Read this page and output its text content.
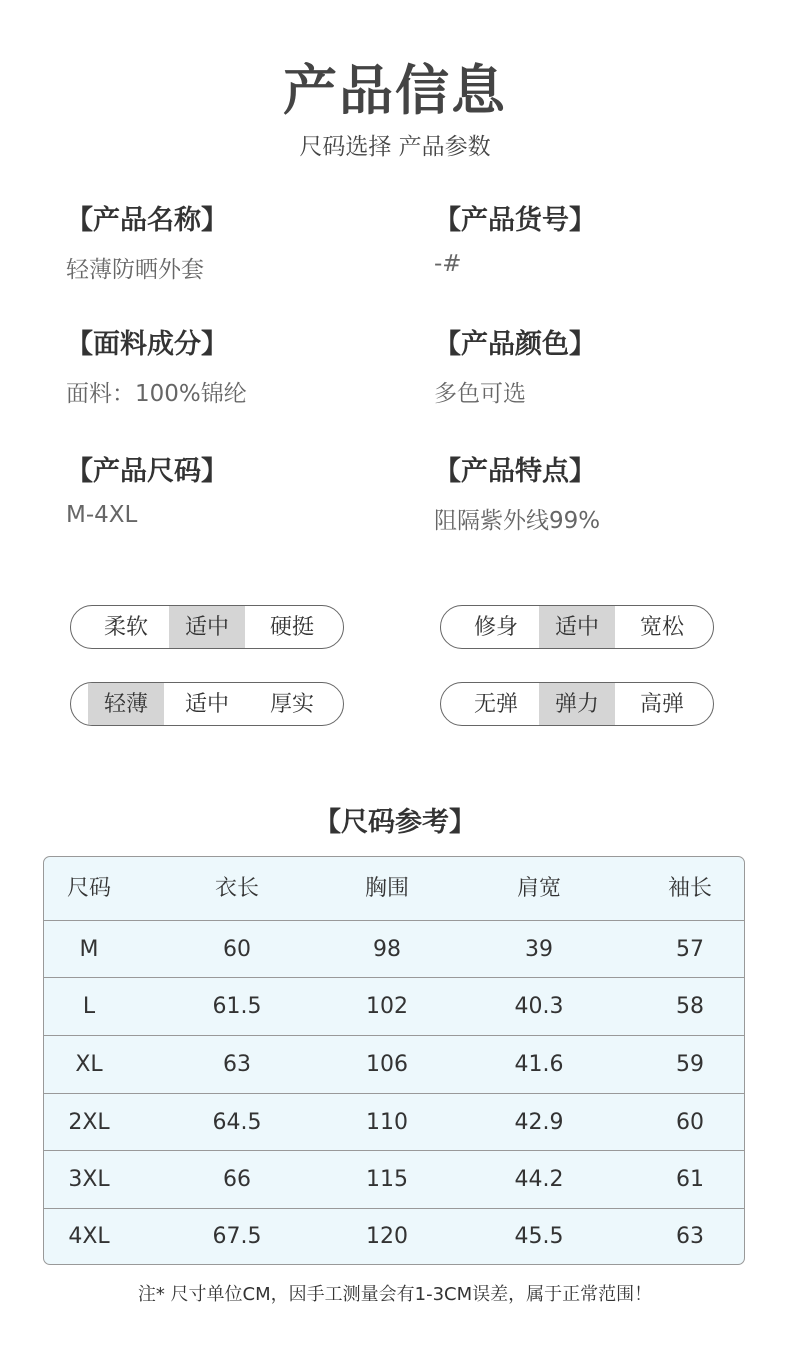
产品信息
尺码选择 产品参数
【产品名称】
轻薄防晒外套
【产品货号】
-#
【面料成分】
面料：100%锦纶
【产品颜色】
多色可选
【产品尺码】
M-4XL
【产品特点】
阻隔紫外线99%
柔软	适中	硬挺	修身	适中	宽松
轻薄	适中	厚实	无弹	弹力	高弹
【尺码参考】
尺码	衣长	胸围	肩宽	袖长
M	60	98	39	57
L	61.5	102	40.3	58
XL	63	106	41.6	59
2XL	64.5	110	42.9	60
3XL	66	115	44.2	61
4XL	67.5	120	45.5	63
注* 尺寸单位CM，因手工测量会有1-3CM误差，属于正常范围！
